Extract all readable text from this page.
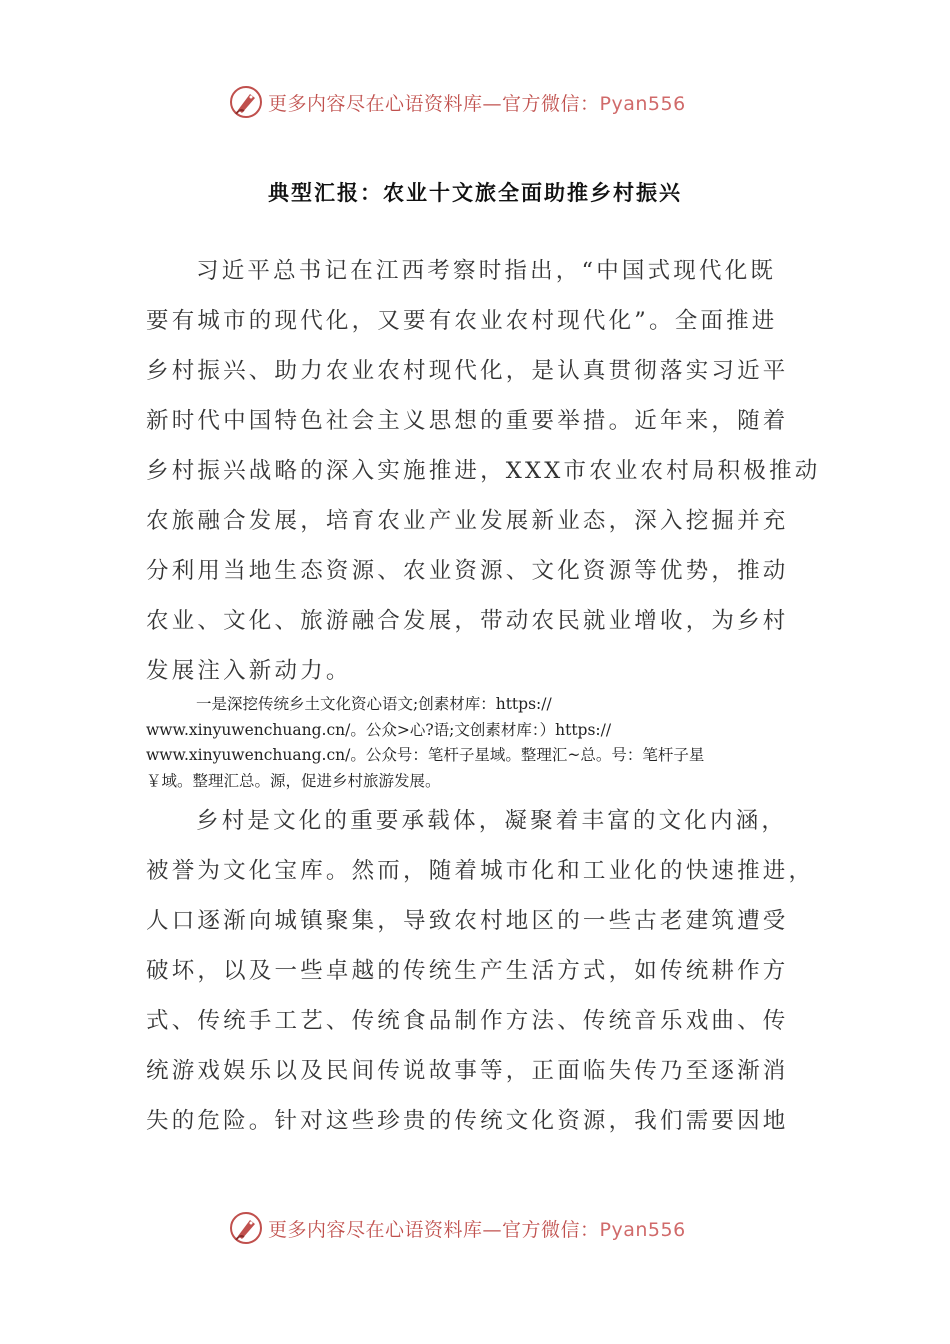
更多内容尽在心语资料库—官方微信：Pyan556
典型汇报：农业十文旅全面助推乡村振兴
习近平总书记在江西考察时指出，“中国式现代化既
要有城市的现代化，又要有农业农村现代化”。全面推进
乡村振兴、助力农业农村现代化，是认真贯彻落实习近平
新时代中国特色社会主义思想的重要举措。近年来，随着
乡村振兴战略的深入实施推进，XXX市农业农村局积极推动
农旅融合发展，培育农业产业发展新业态，深入挖掘并充
分利用当地生态资源、农业资源、文化资源等优势，推动
农业、文化、旅游融合发展，带动农民就业增收，为乡村
发展注入新动力。
一是深挖传统乡土文化资心语文;创素材库：https://
www.xinyuwenchuang.cn/。公众>心?语;文创素材库：）https://
www.xinyuwenchuang.cn/。公众号：笔杆子星域。整理汇~总。号：笔杆子星
￥域。整理汇总。源，促进乡村旅游发展。
乡村是文化的重要承载体，凝聚着丰富的文化内涵，
被誉为文化宝库。然而，随着城市化和工业化的快速推进，
人口逐渐向城镇聚集，导致农村地区的一些古老建筑遭受
破坏，以及一些卓越的传统生产生活方式，如传统耕作方
式、传统手工艺、传统食品制作方法、传统音乐戏曲、传
统游戏娱乐以及民间传说故事等，正面临失传乃至逐渐消
失的危险。针对这些珍贵的传统文化资源，我们需要因地
更多内容尽在心语资料库—官方微信：Pyan556
